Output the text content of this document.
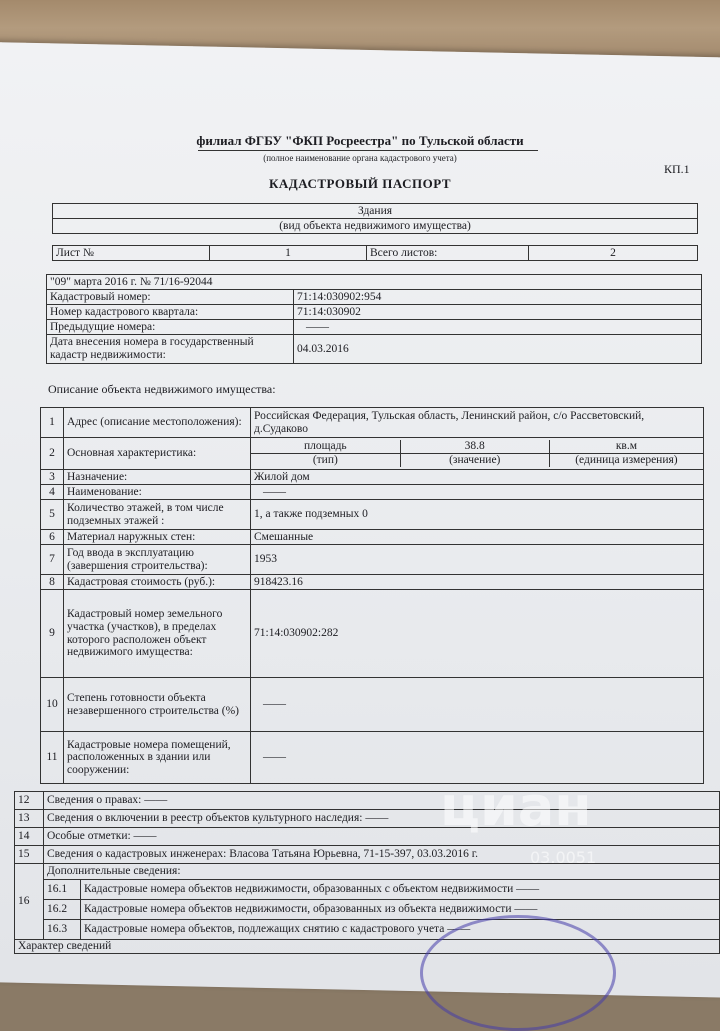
филиал ФГБУ "ФКП Росреестра" по Тульской области
(полное наименование органа кадастрового учета)
КП.1
КАДАСТРОВЫЙ ПАСПОРТ
Здания
(вид объекта недвижимого имущества)
Лист №	1	Всего листов:	2
"09" марта 2016 г. № 71/16-92044	
Кадастровый номер:	71:14:030902:954
Номер кадастрового квартала:	71:14:030902
Предыдущие номера:	——
Дата внесения номера в государственный кадастр недвижимости:	04.03.2016
Описание объекта недвижимого имущества:
1	Адрес (описание местоположения):	Российская Федерация, Тульская область, Ленинский район, с/о Рассветовский, д.Судаково
2	Основная характеристика:	
площадь	38.8	кв.м
(тип)	(значение)	(единица измерения)

3	Назначение:	Жилой дом
4	Наименование:	——
5	Количество этажей, в том числе подземных этажей :	1, а также подземных 0
6	Материал наружных стен:	Смешанные
7	Год ввода в эксплуатацию (завершения строительства):	1953
8	Кадастровая стоимость (руб.):	918423.16
9	Кадастровый номер земельного участка (участков), в пределах которого расположен объект недвижимого имущества:	71:14:030902:282
10	Степень готовности объекта незавершенного строительства (%)	——
11	Кадастровые номера помещений, расположенных в здании или сооружении:	——
12	Сведения о правах: ——	
13	Сведения о включении в реестр объектов культурного наследия: ——	
14	Особые отметки: ——	
15	Сведения о кадастровых инженерах: Власова Татьяна Юрьевна, 71-15-397, 03.03.2016 г.	
16	Дополнительные сведения:	
	16.1	Кадастровые номера объектов недвижимости, образованных с объектом недвижимости ——
	16.2	Кадастровые номера объектов недвижимости, образованных из объекта недвижимости ——
	16.3	Кадастровые номера объектов, подлежащих снятию с кадастрового учета ——
Характер сведений		
циан
03.0051
